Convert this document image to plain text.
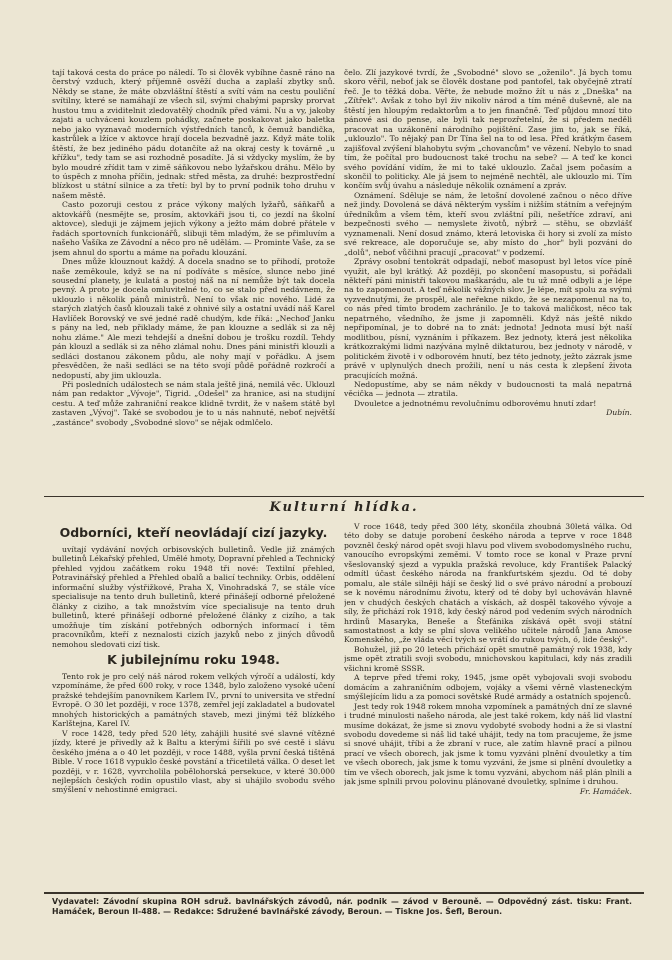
tají taková cesta do práce po náledí. To si člověk vybíhne časně ráno na čerstvý vzduch, který příjemně osvěží ducha a zaplaší zbytky snů. Někdy se stane, že máte obzvláštní štěstí a svítí vám na cestu pouliční svítilny, které se namáhají ze všech sil, svými chabými paprsky prorvat hustou tmu a zviditelnit zledovatělý chodník před vámi. Nu a vy, jakoby zajati a uchváceni kouzlem pohádky, začnete poskakovat jako baletka nebo jako vyznavač moderních výstředních tanců, k čemuž bandička, kastrůlek a lžíce v aktovce hrají docela bezvadně jazz. Když máte tolik štěstí, že bez jediného pádu dotančíte až na okraj cesty k továrně „u křížku", tedy tam se asi rozhodně posadíte. Já si vždycky myslím, že by bylo moudré zřídit tam v zimě sáňkovou nebo lyžařskou dráhu. Mělo by to úspěch z mnoha příčin, jednak: střed města, za druhé: bezprostřední blízkost u státní silnice a za třetí: byl by to první podnik toho druhu v našem městě.

Casto pozoruji cestou z práce výkony malých lyžařů, sáňkařů a aktovkářů (nesmějte se, prosím, aktovkáři jsou ti, co jezdí na školní aktovce), sleduji je zájmem jejich výkony a ježto mám dobré přátele v řadách sportovních funkcionářů, slibuji těm mladým, že se přimluvím a našeho Vašíka ze Závodní a něco pro ně udělám. — Prominte Vaše, za se jsem ahnul do sportu a máme na pořadu klouzání.

Dnes může klouznout každý. A docela snadno se to přihodí, protože naše zeměkoule, když se na ní podíváte s měsíce, slunce nebo jiné sousední planety, je kulatá a postoj náš na ní nemůže být tak docela pevný. A proto je docela omluvitelné to, co se stalo před nedávnem, že uklouzlo i několik pánů ministrů. Není to však nic nového. Lidé za starých zlatých časů klouzali také z ohnivé sily a ostatní uvádí náš Karel Havlíček Borovský ve své jedné radě chudým, kde říká: „Nechoď Janku s pány na led, neb přiklady máme, že pan klouzne a sedlák si za něj nohu zláme." Ale mezi tehdejší a dnešní dobou je trošku rozdíl. Tehdy pán klouzl a sedlák si za něho zlámal nohu. Dnes páni ministři klouzli a sedláci dostanou zákonem půdu, ale nohy mají v pořádku. A jsem přesvědčen, že naši sedláci se na této svojí půdě pořádně rozkročí a nedopustí, aby jim uklouzla.

Při posledních událostech se nám stala ještě jiná, nemilá věc. Uklouzl nám pan redaktor „Vývoje", Tigrid. „Odešel" za hranice, asi na studijní cestu. A teď může zahraniční reakce klidně tvrdit, že v našem státě byl zastaven „Vývoj". Také se svobodou je to u nás nahnuté, neboť největší „zastánce" svobody „Svobodné slovo" se nějak odmlčelo.

čelo. Zlí jazykové tvrdí, že „Svobodné" slovo se „oženilo". Já bych tomu skoro věřil, neboť jak se člověk dostane pod pantofel, tak obyčejně ztratí řeč. Je to těžká doba. Věřte, že nebude možno žít u nás z „Dneška" na „Zítřek". Avšak z toho byl živ nikoliv národ a tím méně duševně, ale na štěstí jen hloupým redaktorům a to jen finančně. Teď půjdou mnozí tito pánové asi do pense, ale byli tak neprozřetelní, že si předem neděli pracovat na uzákonění národního pojištění. Zase jim to, jak se říká, „uklouzlo". To nějaký pan Dr Tína šel na to od lesa. Před krátkým časem zajišťoval zvýšení blahobytu svým „chovancům" ve vězení. Nebylo to snad tím, že počítal pro budoucnost také trochu na sebe? — A teď ke konci svého povídání vidím, že mi to také uklouzlo. Začal jsem počasím a skončil to politicky. Ale já jsem to nejméně nechtěl, ale uklouzlo mi. Tím končím svůj úvahu a následuje několik oznámení a zpráv.

Oznámení. Sděluje se nám, že letošní dovolené začnou o něco dříve než jindy. Dovolená se dává některým vysším i nižším státním a veřejným úředníkům a všem těm, kteří svou zvláštní píli, nešetříce zdraví, ani bezpečnosti svého — nemyslete životů, nýbrž — stěhu, se obzvlášť vyznamenali. Není dosud známo, která letoviska či hory si zvolí za místo své rekreace, ale doporučuje se, aby místo do „hor" byli pozváni do „dolů", neboť vůčihni pracují „pracovat" v podzemí.

Zprávy osobní tentokrát odpadají, neboť masopust byl letos více píně využit, ale byl krátký. Až později, po skončení masopustu, si pořádali někteří páni ministři takovou maškarádu, ale tu už mně odbyli a je lépe na to zapomenout. A teď několik vážných slov. Je lépe, mít spolu za svými vyzvednutými, že prospěl, ale neřekne nikdo, že se nezapomenul na to, co nás před tímto brodem zachránilo. Je to taková maličkost, něco tak nepatrného, všedního, že jsme ji zapomněli. Když nás ještě nikdo nepřipomínal, je to dobré na to znát: jednota! Jednota musí být naší modlitbou, písní, vyznáním i příkazem. Bez jednoty, která jest několika krátkozrakými lidmi nazývána mylně diktaturou, bez jednoty v národě, v politickém životě i v odborovém hnutí, bez této jednoty, ježto zázrak jsme právě v uplynulých dnech prožili, není u nás cesta k zlepšení života pracujících možná.

Nedopustíme, aby se nám někdy v budoucnosti ta malá nepatrná věcička — jednota — ztratila.

Dvouletce a jednotnému revolučnímu odborovému hnutí zdar!

Dubín.

Kulturní hlídka.
Odborníci, kteří neovládají cizí jazyky.

uvítají vydávání nových orbisovských bulletinů. Vedle již známých bulletinů Lékařský přehled, Umělé hmoty, Dopravní přehled a Technický přehled vyjdou začátkem roku 1948 tři nové: Textilní přehled, Potravinářský přehled a Přehled obalů a balicí techniky. Orbis, oddělení informační služby výstřižkové, Praha X, Vinohradská 7, se stále více specialisuje na tento druh bulletinů, které přinášejí odborné přeložené články z ciziho, a tak množstvím více specialisuje na tento druh bulletinů, které přinášejí odborné přeložené články z cizího, a tak umožňuje tím získání potřebných odborných informací i těm pracovníkům, kteří z neznalosti cizích jazyků nebo z jiných důvodů nemohou sledovati cizí tisk.

K jubilejnímu roku 1948.

Tento rok je pro celý náš národ rokem velkých výročí a událostí, kdy vzpomínáme, že před 600 roky, v roce 1348, bylo založeno vysoké učení pražské tehdejším panovníkem Karlem IV., první to universita ve střední Evropě. O 30 let později, v roce 1378, zemřel její zakladatel a budovatel mnohých historických a památných staveb, mezi jinými též blízkého Karlštejna, Karel IV.

V roce 1428, tedy před 520 léty, zahájili husité své slavné vítězné jízdy, které je přivedly až k Baltu a kterými šířili po své cestě i slávu českého jména a o 40 let později, v roce 1488, vyšla první česká tištěná Bible. V roce 1618 vypuklo české povstání a třicetiletá válka. O deset let později, v r. 1628, vyvrcholila pobělohorská persekuce, v které 30.000 nejlepších českých rodin opustilo vlast, aby si uhájilo svobodu svého smýšlení v nehostinné emigraci.

V roce 1648, tedy před 300 léty, skončila zhoubná 30letá válka. Od této doby se datuje porobení českého národa a teprve v roce 1848 povzněl český národ opět svoji hlavu pod vlivem svobodomyslného ruchu, vanoucího evropskými zeměmi. V tomto roce se konal v Praze první všeslovanský sjezd a vypukla pražská revoluce, kdy František Palacký odmítl účast českého národa na frankfurtském sjezdu. Od té doby pomalu, ale stále silněji hájí se český lid o své právo národní a probouzí se k novému národnímu životu, který od té doby byl uchováván hlavně jen v chudých českých chatách a vískách, až dospěl takového vývoje a síly, že přichází rok 1918, kdy český národ pod vedením svých národních hrdinů Masaryka, Beneše a Štefánika získává opět svoji státní samostatnost a kdy se plní slova velikého učitele národů Jana Amose Komenského, „že vláda věcí tvých se vrátí do rukou tvých, ó, lide český".

Bohužel, již po 20 letech přichází opět smutně památný rok 1938, kdy jsme opět ztratili svoji svobodu, mnichovskou kapitulaci, kdy nás zradili všichni kromě SSSR.

A teprve před třemi roky, 1945, jsme opět vybojovali svoji svobodu domácím a zahraničním odbojem, vojáky a všemi věrně vlasteneckým smýšlejícím lidu a za pomoci sovětské Rudé armády a ostatních spojenců.

Jest tedy rok 1948 rokem mnoha vzpomínek a památných dní ze slavné i trudné minulosti našeho národa, ale jest také rokem, kdy náš lid vlastní musíme dokázat, že jsme si znovu vydobyté svobody hodni a že si vlastní svobodu dovedeme si náš lid také uhájit, tedy na tom pracujeme, že jsme si snové uhájit, tříbi a že zbraní v ruce, ale zatím hlavně prací a pilnou prací ve všech oborech, jak jsme k tomu vyzváni plnění dvouletky a tím ve všech oborech, jak jsme k tomu vyzváni, že jsme si plnění dvouletky a tím ve všech oborech, jak jsme k tomu vyzváni, abychom náš plán plnili a jak jsme splnili prvou polovinu plánované dvouletky, splníme i druhou.

Fr. Hamáček.

Vydavatel: Závodní skupina ROH sdruž. bavlnářských závodů, nár. podnik — závod v Berouně. — Odpovědný zást. tisku: Frant. Hamáček, Beroun II-488. — Redakce: Sdružené bavlnářské závody, Beroun. — Tiskne Jos. Šefl, Beroun.
